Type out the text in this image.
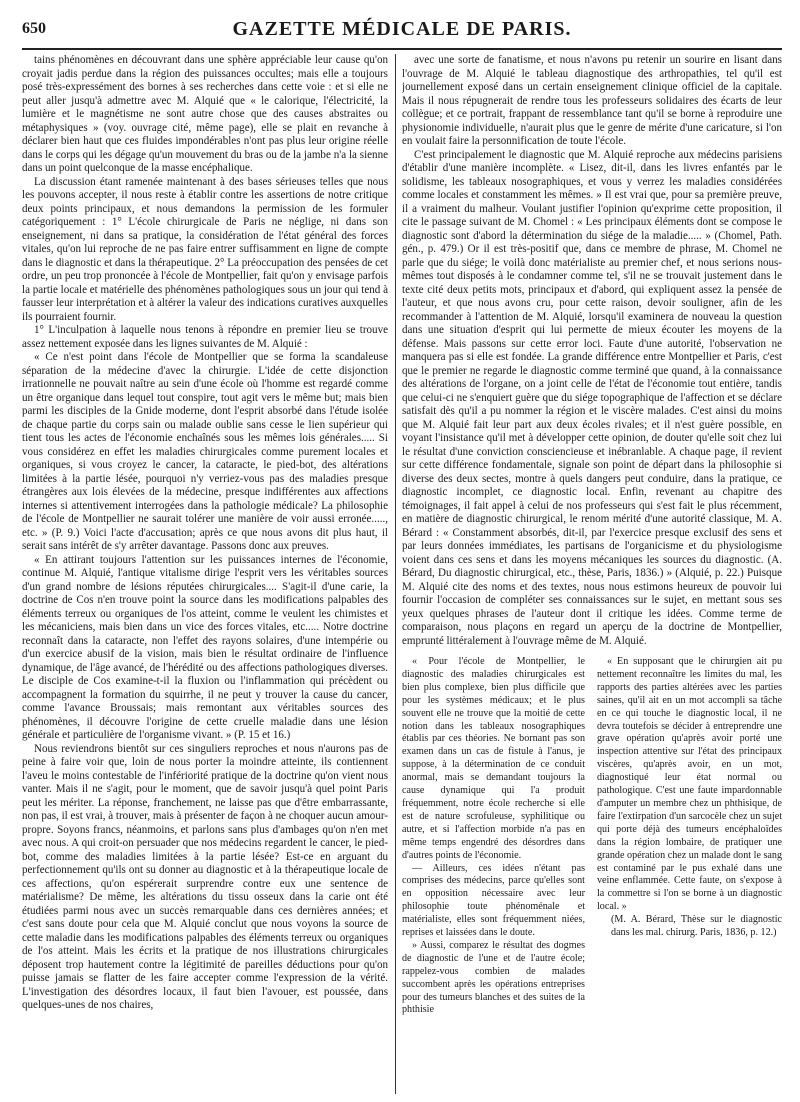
650	GAZETTE MÉDICALE DE PARIS.

tains phénomènes en découvrant dans une sphère appréciable leur cause qu'on croyait jadis perdue dans la région des puissances occultes; mais elle a toujours posé très-expressément des bornes à ses recherches dans cette voie : et si elle ne peut aller jusqu'à admettre avec M. Alquié que « le calorique, l'électricité, la lumière et le magnétisme ne sont autre chose que des causes abstraites ou métaphysiques » (voy. ouvrage cité, même page), elle se plait en revanche à déclarer bien haut que ces fluides impondérables n'ont pas plus leur origine réelle dans le corps qui les dégage qu'un mouvement du bras ou de la jambe n'a la sienne dans un point quelconque de la masse encéphalique.

La discussion étant ramenée maintenant à des bases sérieuses telles que nous les pouvons accepter, il nous reste à établir contre les assertions de notre critique deux points principaux, et nous demandons la permission de les formuler catégoriquement : 1° L'école chirurgicale de Paris ne néglige, ni dans son enseignement, ni dans sa pratique, la considération de l'état général des forces vitales, qu'on lui reproche de ne pas faire entrer suffisamment en ligne de compte dans le diagnostic et dans la thérapeutique. 2° La préoccupation des pensées de cet ordre, un peu trop prononcée à l'école de Montpellier, fait qu'on y envisage parfois la partie locale et matérielle des phénomènes pathologiques sous un jour qui tend à fausser leur interprétation et à altérer la valeur des indications curatives auxquelles ils pourraient fournir.

1° L'inculpation à laquelle nous tenons à répondre en premier lieu se trouve assez nettement exposée dans les lignes suivantes de M. Alquié :

« Ce n'est point dans l'école de Montpellier que se forma la scandaleuse séparation de la médecine d'avec la chirurgie. L'idée de cette disjonction irrationnelle ne pouvait naître au sein d'une école où l'homme est regardé comme un être organique dans lequel tout conspire, tout agit vers le même but; mais bien parmi les disciples de la Gnide moderne, dont l'esprit absorbé dans l'étude isolée de chaque partie du corps sain ou malade oublie sans cesse le lien supérieur qui tient tous les actes de l'économie enchaînés sous les mêmes lois générales..... Si vous considérez en effet les maladies chirurgicales comme purement locales et organiques, si vous croyez le cancer, la cataracte, le pied-bot, des altérations limitées à la partie lésée, pourquoi n'y verriez-vous pas des maladies presque étrangères aux lois élevées de la médecine, presque indifférentes aux affections internes si attentivement interrogées dans la pathologie médicale? La philosophie de l'école de Montpellier ne saurait tolérer une manière de voir aussi erronée....., etc. » (P. 9.) Voici l'acte d'accusation; après ce que nous avons dit plus haut, il serait sans intérêt de s'y arrêter davantage. Passons donc aux preuves.

« En attirant toujours l'attention sur les puissances internes de l'économie, continue M. Alquié, l'antique vitalisme dirige l'esprit vers les véritables sources d'un grand nombre de lésions réputées chirurgicales.... S'agit-il d'une carie, la doctrine de Cos n'en trouve point la source dans les modifications palpables des éléments terreux ou organiques de l'os atteint, comme le veulent les chimistes et les mécaniciens, mais bien dans un vice des forces vitales, etc..... Notre doctrine reconnaît dans la cataracte, non l'effet des rayons solaires, d'une intempérie ou d'un exercice abusif de la vision, mais bien le résultat ordinaire de l'influence dynamique, de l'âge avancé, de l'hérédité ou des affections pathologiques diverses. Le disciple de Cos examine-t-il la fluxion ou l'inflammation qui précèdent ou accompagnent la formation du squirrhe, il ne peut y trouver la cause du cancer, comme l'avance Broussais; mais remontant aux véritables sources des phénomènes, il découvre l'origine de cette cruelle maladie dans une lésion générale et particulière de l'organisme vivant. » (P. 15 et 16.)

Nous reviendrons bientôt sur ces singuliers reproches et nous n'aurons pas de peine à faire voir que, loin de nous porter la moindre atteinte, ils contiennent l'aveu le moins contestable de l'infériorité pratique de la doctrine qu'on vient nous vanter. Mais il ne s'agit, pour le moment, que de savoir jusqu'à quel point Paris peut les mériter. La réponse, franchement, ne laisse pas que d'être embarrassante, non pas, il est vrai, à trouver, mais à présenter de façon à ne choquer aucun amour-propre. Soyons francs, néanmoins, et parlons sans plus d'ambages qu'on n'en met avec nous. A qui croit-on persuader que nos médecins regardent le cancer, le pied-bot, comme des maladies limitées à la partie lésée? Est-ce en arguant du perfectionnement qu'ils ont su donner au diagnostic et à la thérapeutique locale de ces affections, qu'on espérerait surprendre contre eux une sentence de matérialisme? De même, les altérations du tissu osseux dans la carie ont été étudiées parmi nous avec un succès remarquable dans ces dernières années; et c'est sans doute pour cela que M. Alquié conclut que nous voyons la source de cette maladie dans les modifications palpables des éléments terreux ou organiques de l'os atteint. Mais les écrits et la pratique de nos illustrations chirurgicales déposent trop hautement contre la légitimité de pareilles déductions pour qu'on puisse jamais se flatter de les faire accepter comme l'expression de la vérité. L'investigation des désordres locaux, il faut bien l'avouer, est poussée, dans quelques-unes de nos chaires,

avec une sorte de fanatisme, et nous n'avons pu retenir un sourire en lisant dans l'ouvrage de M. Alquié le tableau diagnostique des arthropathies, tel qu'il est journellement exposé dans un certain enseignement clinique officiel de la capitale. Mais il nous répugnerait de rendre tous les professeurs solidaires des écarts de leur collègue; et ce portrait, frappant de ressemblance tant qu'il se borne à reproduire une physionomie individuelle, n'aurait plus que le genre de mérite d'une caricature, si l'on en voulait faire la personnification de toute l'école.

C'est principalement le diagnostic que M. Alquié reproche aux médecins parisiens d'établir d'une manière incomplète. « Lisez, dit-il, dans les livres enfantés par le solidisme, les tableaux nosographiques, et vous y verrez les maladies considérées comme locales et constamment les mêmes. » Il est vrai que, pour sa première preuve, il a vraiment du malheur. Voulant justifier l'opinion qu'exprime cette proposition, il cite le passage suivant de M. Chomel : « Les principaux éléments dont se compose le diagnostic sont d'abord la détermination du siége de la maladie..... » (Chomel, Path. gén., p. 479.) Or il est très-positif que, dans ce membre de phrase, M. Chomel ne parle que du siége; le voilà donc matérialiste au premier chef, et nous serions nous-mêmes tout disposés à le condamner comme tel, s'il ne se trouvait justement dans le texte cité deux petits mots, principaux et d'abord, qui expliquent assez la pensée de l'auteur, et que nous avons cru, pour cette raison, devoir souligner, afin de les recommander à l'attention de M. Alquié, lorsqu'il examinera de nouveau la question dans une situation d'esprit qui lui permette de mieux écouter les moyens de la défense. Mais passons sur cette error loci. Faute d'une autorité, l'observation ne manquera pas si elle est fondée. La grande différence entre Montpellier et Paris, c'est que le premier ne regarde le diagnostic comme terminé que quand, à la connaissance des altérations de l'organe, on a joint celle de l'état de l'économie tout entière, tandis que celui-ci ne s'enquiert guère que du siége topographique de l'affection et se déclare satisfait dès qu'il a pu nommer la région et le viscère malades. C'est ainsi du moins que M. Alquié fait leur part aux deux écoles rivales; et il n'est guère possible, en voyant l'insistance qu'il met à développer cette opinion, de douter qu'elle soit chez lui le résultat d'une conviction consciencieuse et inébranlable. A chaque page, il revient sur cette différence fondamentale, signale son point de départ dans la philosophie si diverse des deux sectes, montre à quels dangers peut conduire, dans la pratique, ce diagnostic incomplet, ce diagnostic local. Enfin, revenant au chapitre des témoignages, il fait appel à celui de nos professeurs qui s'est fait le plus récemment, en matière de diagnostic chirurgical, le renom mérité d'une autorité classique, M. A. Bérard : « Constamment absorbés, dit-il, par l'exercice presque exclusif des sens et par leurs données immédiates, les partisans de l'organicisme et du physiologisme voient dans ces sens et dans les moyens mécaniques les sources du diagnostic. (A. Bérard, Du diagnostic chirurgical, etc., thèse, Paris, 1836.) » (Alquié, p. 22.) Puisque M. Alquié cite des noms et des textes, nous nous estimons heureux de pouvoir lui fournir l'occasion de compléter ses connaissances sur le sujet, en mettant sous ses yeux quelques phrases de l'auteur dont il critique les idées. Comme terme de comparaison, nous plaçons en regard un aperçu de la doctrine de Montpellier, emprunté littéralement à l'ouvrage même de M. Alquié.

« Pour l'école de Montpellier, le diagnostic des maladies chirurgicales est bien plus complexe, bien plus difficile que pour les systèmes médicaux; et le plus souvent elle ne trouve que la moitié de cette notion dans les tableaux nosographiques établis par ces théories. Ne bornant pas son examen dans un cas de fistule à l'anus, je suppose, à la détermination de ce conduit anormal, mais se demandant toujours la cause dynamique qui l'a produit fréquemment, notre école recherche si elle est de nature scrofuleuse, syphilitique ou autre, et si l'affection morbide n'a pas en même temps engendré des désordres dans d'autres points de l'économie.

— Ailleurs, ces idées n'étant pas comprises des médecins, parce qu'elles sont en opposition nécessaire avec leur philosophie toute phénoménale et matérialiste, elles sont fréquemment niées, reprises et laissées dans le doute.

» Aussi, comparez le résultat des dogmes de diagnostic de l'une et de l'autre école; rappelez-vous combien de malades succombent après les opérations entreprises pour des tumeurs blanches et des suites de la phthisie

« En supposant que le chirurgien ait pu nettement reconnaître les limites du mal, les rapports des parties altérées avec les parties saines, qu'il ait en un mot accompli sa tâche en ce qui touche le diagnostic local, il ne devra toutefois se décider à entreprendre une grave opération qu'après avoir porté une inspection attentive sur l'état des principaux viscères, qu'après avoir, en un mot, diagnostiqué leur état normal ou pathologique. C'est une faute impardonnable d'amputer un membre chez un phthisique, de faire l'extirpation d'un sarcocèle chez un sujet qui porte déjà des tumeurs encéphaloïdes dans la région lombaire, de pratiquer une grande opération chez un malade dont le sang est contaminé par le pus exhalé dans une veine enflammée. Cette faute, on s'expose à la commettre si l'on se borne à un diagnostic local. »

(M. A. Bérard, Thèse sur le diagnostic dans les mal. chirurg. Paris, 1836, p. 12.)
